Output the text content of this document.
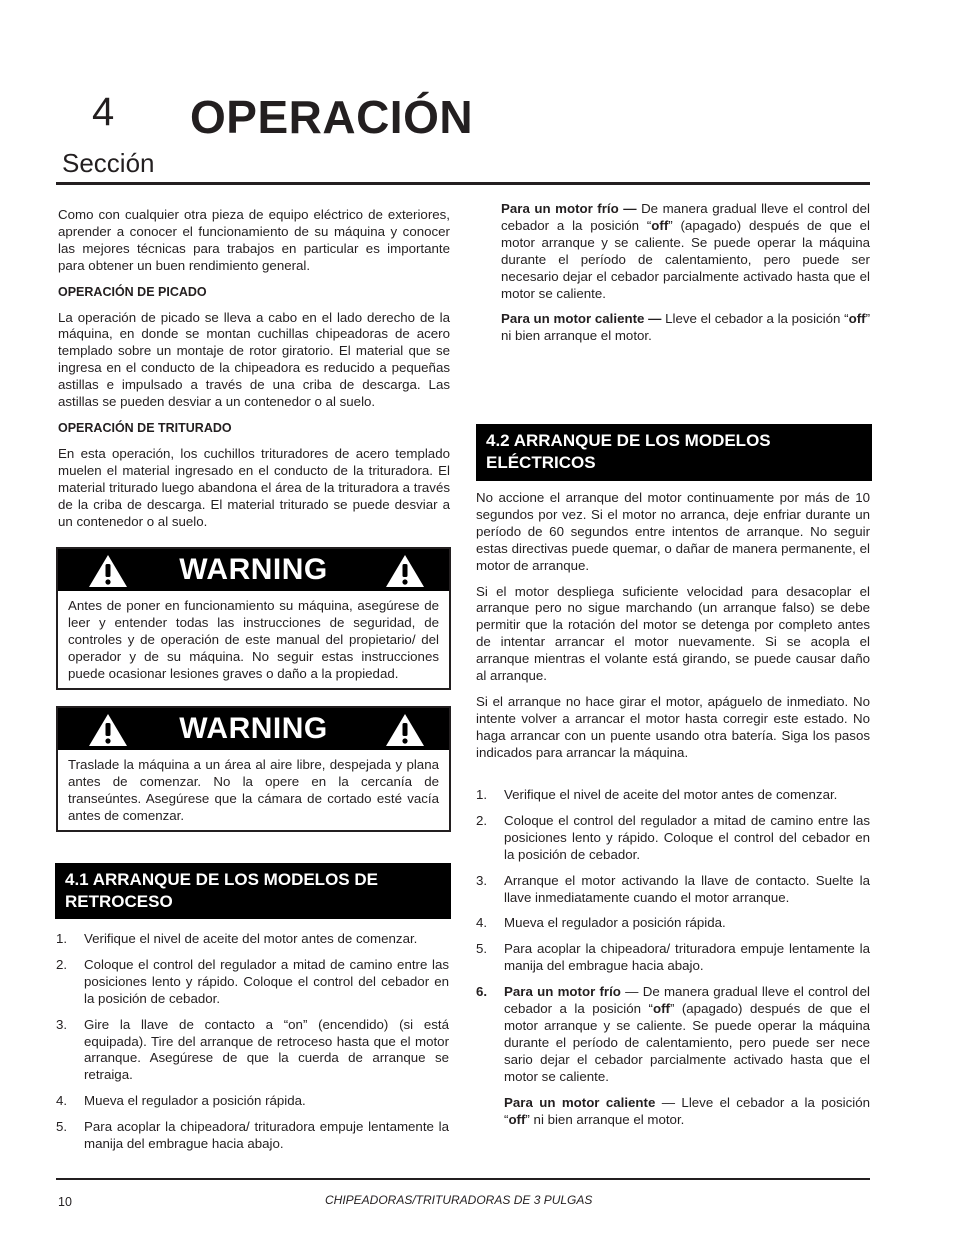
4 OPERACIÓN
Sección

Como con cualquier otra pieza de equipo eléctrico de exteriores, aprender a conocer el funcionamiento de su máquina y conocer las mejores técnicas para trabajos en particular es importante para obtener un buen rendimiento general.

OPERACIÓN DE PICADO

La operación de picado se lleva a cabo en el lado derecho de la máquina, en donde se montan cuchillas chipeadoras de acero templado sobre un montaje de rotor giratorio. El material que se ingresa en el conducto de la chipeadora es reducido a pequeñas astillas e impulsado a través de una criba de descarga. Las astillas se pueden desviar a un contenedor o al suelo.

OPERACIÓN DE TRITURADO

En esta operación, los cuchillos trituradores de acero templado muelen el material ingresado en el conducto de la trituradora. El material triturado luego abandona el área de la trituradora a través de la criba de descarga. El material triturado se puede desviar a un contenedor o al suelo.

WARNING
Antes de poner en funcionamiento su máquina, asegúrese de leer y entender todas las instrucciones de seguridad, de controles y de operación de este manual del propietario/ del operador y de su máquina. No seguir estas instrucciones puede ocasionar lesiones graves o daño a la propiedad.
WARNING
Traslade la máquina a un área al aire libre, despejada y plana antes de comenzar. No la opere en la cercanía de transeúntes. Asegúrese que la cámara de cortado esté vacía antes de comenzar.
4.1 ARRANQUE DE LOS MODELOS DE RETROCESO
1. Verifique el nivel de aceite del motor antes de comenzar.
2. Coloque el control del regulador a mitad de camino entre las posiciones lento y rápido. Coloque el control del cebador en la posición de cebador.
3. Gire la llave de contacto a “on” (encendido) (si está equipada). Tire del arranque de retroceso hasta que el motor arranque. Asegúrese de que la cuerda de arranque se retraiga.
4. Mueva el regulador a posición rápida.
5. Para acoplar la chipeadora/ trituradora empuje lentamente la manija del embrague hacia abajo.

Para un motor frío — De manera gradual lleve el control del cebador a la posición “off” (apagado) después de que el motor arranque y se caliente. Se puede operar la máquina durante el período de calentamiento, pero puede ser necesario dejar el cebador parcialmente activado hasta que el motor se caliente.

Para un motor caliente — Lleve el cebador a la posición “off” ni bien arranque el motor.

4.2 ARRANQUE DE LOS MODELOS ELÉCTRICOS

No accione el arranque del motor continuamente por más de 10 segundos por vez. Si el motor no arranca, deje enfriar durante un período de 60 segundos entre intentos de arranque. No seguir estas directivas puede quemar, o dañar de manera permanente, el motor de arranque.

Si el motor despliega suficiente velocidad para desacoplar el arranque pero no sigue marchando (un arranque falso) se debe permitir que la rotación del motor se detenga por completo antes de intentar arrancar el motor nuevamente. Si se acopla el arranque mientras el volante está girando, se puede causar daño al arranque.

Si el arranque no hace girar el motor, apáguelo de inmediato. No intente volver a arrancar el motor hasta corregir este estado. No haga arrancar con un puente usando otra batería. Siga los pasos indicados para arrancar la máquina.

1. Verifique el nivel de aceite del motor antes de comenzar.
2. Coloque el control del regulador a mitad de camino entre las posiciones lento y rápido. Coloque el control del cebador en la posición de cebador.
3. Arranque el motor activando la llave de contacto. Suelte la llave inmediatamente cuando el motor arranque.
4. Mueva el regulador a posición rápida.
5. Para acoplar la chipeadora/ trituradora empuje lentamente la manija del embrague hacia abajo.
6. Para un motor frío — De manera gradual lleve el control del cebador a la posición “off” (apagado) después de que el motor arranque y se caliente. Se puede operar la máquina durante el período de calentamiento, pero puede ser nece sario dejar el cebador parcialmente activado hasta que el motor se caliente.
Para un motor caliente — Lleve el cebador a la posición “off” ni bien arranque el motor.
10	CHIPEADORAS/TRITURADORAS DE 3 PULGAS
